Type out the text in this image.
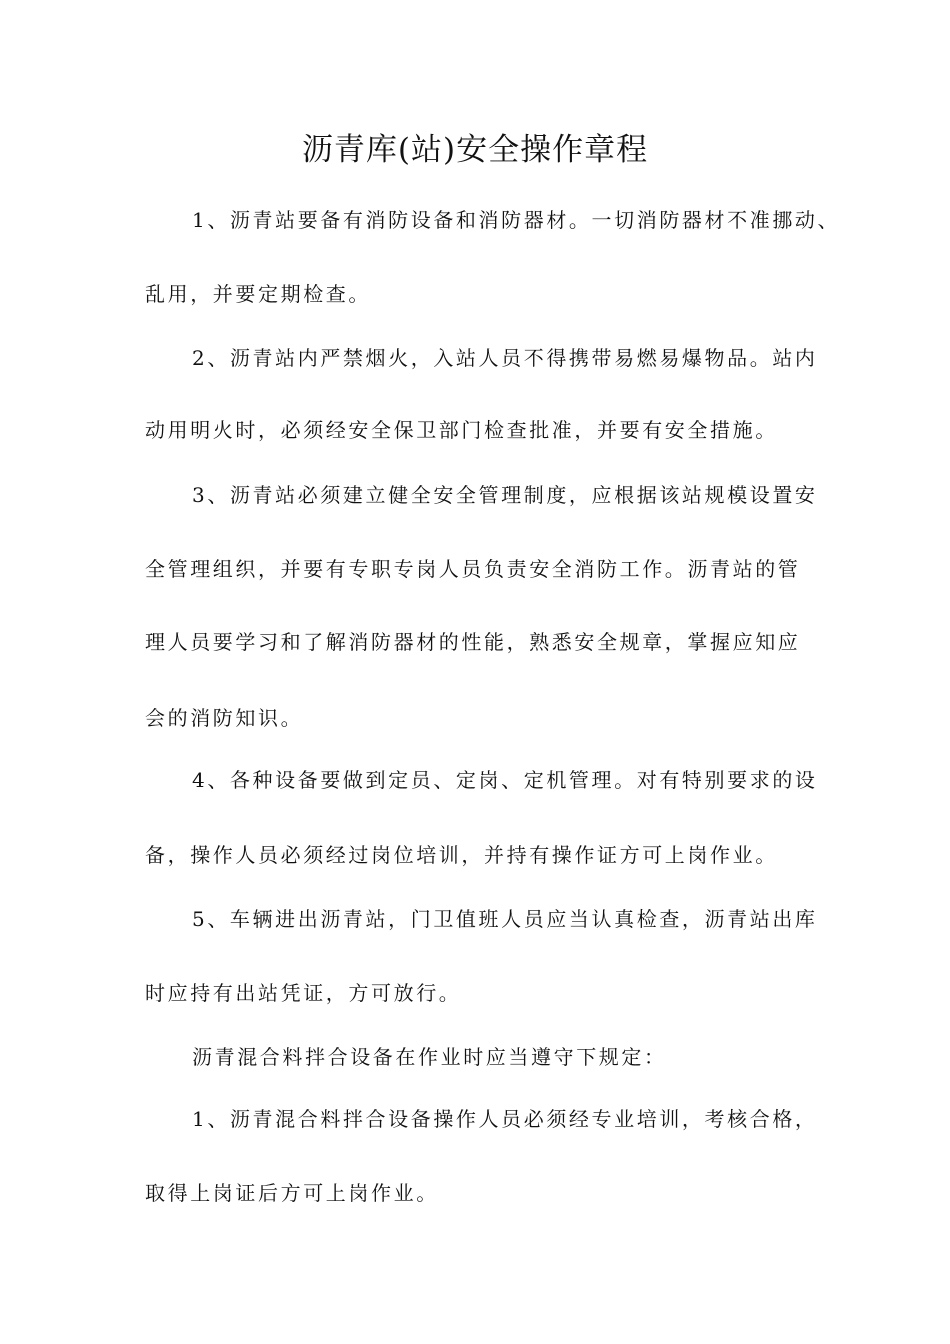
沥青库(站)安全操作章程

1、沥青站要备有消防设备和消防器材。一切消防器材不准挪动、

乱用，并要定期检查。

2、沥青站内严禁烟火，入站人员不得携带易燃易爆物品。站内

动用明火时，必须经安全保卫部门检查批准，并要有安全措施。

3、沥青站必须建立健全安全管理制度，应根据该站规模设置安

全管理组织，并要有专职专岗人员负责安全消防工作。沥青站的管

理人员要学习和了解消防器材的性能，熟悉安全规章，掌握应知应

会的消防知识。

4、各种设备要做到定员、定岗、定机管理。对有特别要求的设

备，操作人员必须经过岗位培训，并持有操作证方可上岗作业。

5、车辆进出沥青站，门卫值班人员应当认真检查，沥青站出库

时应持有出站凭证，方可放行。

沥青混合料拌合设备在作业时应当遵守下规定：

1、沥青混合料拌合设备操作人员必须经专业培训，考核合格，

取得上岗证后方可上岗作业。
